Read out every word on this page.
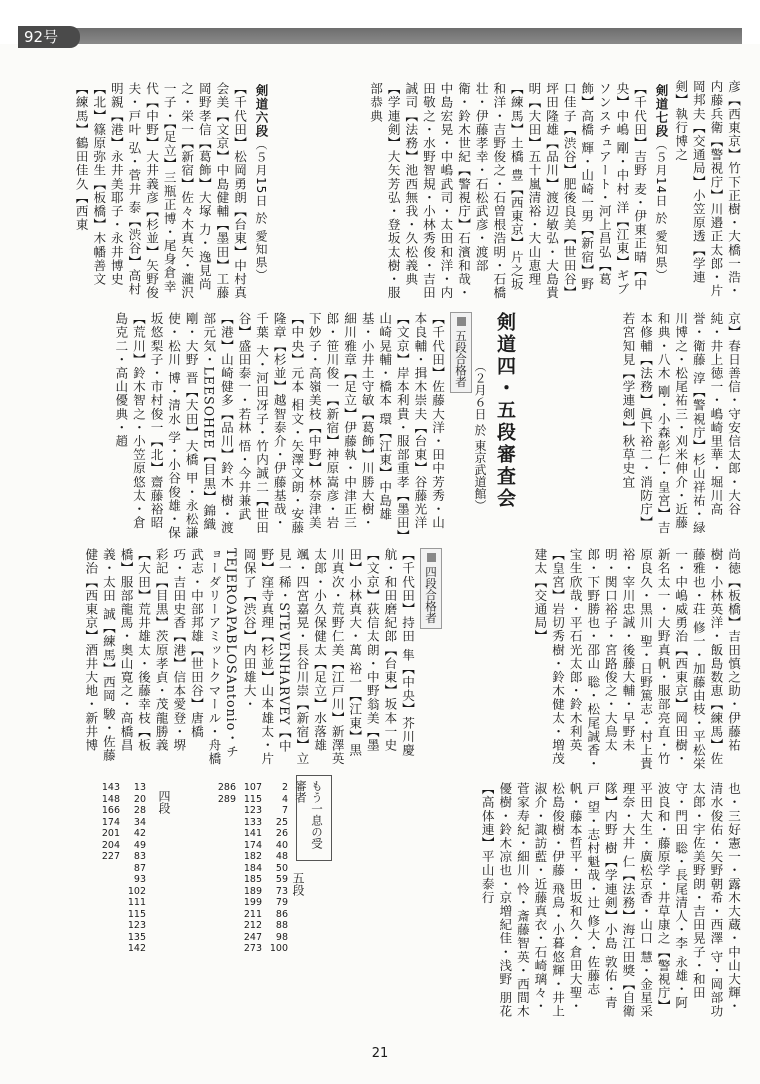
92号
彦【西東京】竹下正樹・大橋一浩・内藤兵衛【警視庁】川邉正太郎・片岡邦夫【交通局】小笠原透【学連剣】執行博之
剣道七段（５月14日 於 愛知県）
【千代田】吉野 麦・伊東正晴【中央】中嶋 剛・中村 洋【江東】ギブソンスチュアート・河上昌弘【葛飾】高橋 輝・山崎一男【新宿】野口佳子【渋谷】肥後良美【世田谷】坪田隆雄【品川】渡辺敏弘・大島貴明【大田】五十嵐清裕・大山恵理【練馬】土橋 豊【西東京】片之坂和洋・吉野俊之・石曽根浩明・石橋 壮・伊藤孝幸・石松武彦・渡部 衛・鈴木世紀【警視庁】石濱和哉・中島宏晃・中嶋武司・太田和洋・内田敬之・水野智規・小林秀俊・吉田誠司【法務】池西無我・久松義典【学連剣】大矢芳弘・登坂太樹・服部恭典
剣道六段（５月15日 於 愛知県）
【千代田】松岡勇朗【台東】中村真会美【文京】中島健輔【墨田】工藤岡野孝信【葛飾】大塚 力・逸見尚之・栄一【新宿】佐々木真矢・瀧沢一子・【足立】三瓶正博・尾身倉幸代【中野】大井義彦【杉並】矢野俊夫・戸叶 弘・菅井 泰【渋谷】高村明親【港】永井美耶子・永井博史【北】篠原弥生【板橋】木幡善文【練馬】鶴田佳久【西東
剣道四・五段審査会
（２月６日 於 東京武道館）	京】春日善信・守安信太郎・大谷純・井上徳一・嶋崎里華・堀川高誉・衛藤 淳【警視庁】杉山祥祐・緑川博之・松尾祐三・刈米伸介・近藤和典・八木 剛・小森彰仁・皇宮】吉本修輔【法務】眞下裕二・消防庁】若宮知見【学連剣】秋草史宜
五段合格者
【千代田】佐藤大洋・田中芳秀・山本良輔・揖木崇夫【台東】谷藤光洋【文京】岸本利貴・服部重孝【墨田】山崎晃輔・橋本 環【江東】中島雄基・小井土守敏【葛飾】川勝大樹・細川雅章【足立】伊藤執・中津正三郎・笹川俊一【新宿】神原嵩彦・岩下妙子・高嶺美枝【中野】林奈津美【中央】元本 相文・矢澤文朗・安藤隆章【杉並】越智泰介・伊藤基哉・千葉 大・河田冴子・竹内誠二【世田谷】盛田泰一・若林 悟・今井兼武【港】山崎健多【品川】鈴木 樹・渡部元気・LEESOHEE【目黒】錦織 剛・大野 晋【大田】大橋 甲・永松謙使・松川 博・清水 学・小谷俊雄・保坂悠梨子・市村俊一【北】齋藤裕昭【荒川】鈴木智之・小笠原悠太・倉島克二・高山優典・趙
尚徳【板橋】吉田慎之助・伊藤祐樹・小林英洋・飯島数恵【練馬】佐藤雅也・荘 修一・加藤由枝・平松栄一・中嶋威勇治【西東京】岡田樹・新名太一・大野真帆・服部亮直・竹原良久・黒川 聖・日野篤志・村上貴裕・宰川忠誠・後藤大輔・早野未明・関口裕子・宮路俊之・大鳥太郎・下野勝也・邵山 聡・松尾誠香・宝生欣哉・平石光太郎・鈴木利英【皇宮】岩切秀樹・鈴木健太・増茂建太【交通局】
四段合格者
【千代田】持田 隼【中央】芥川慶航・和田磨紀郎【台東】坂本一史【文京】荻信太朗・中野翁美【墨田】小林真大・萬 裕一【江東】黒川真次・荒野仁美【江戸川】新澤英太郎・小久保健太【足立】水落雄颯・四宮嘉晃・長谷川崇【新宿】立見一稀・STEVENHARVEY【中野】窪寺真理【杉並】山本雄太・片岡保了【渋谷】内田雄大・TEJEROAPABLOSAntonio・チョーダリーアミットクマール・舟橋武志・中部邦雄【世田谷】唐橋 巧・吉田史香【港】信本愛登・堺 彩記【目黒】茨原孝貞・茂龍勝義【大田】荒井雄太・後藤幸枝【板橋】服部龍馬・奥山寛之・高橋昌義・太田 誠【練馬】西岡 駿・佐藤健治【西東京】酒井大地・新井博
也・三好憲一・露木大蔵・中山大輝・清水俊佑・矢野朝希・西澤 守・岡部功太郎・宇佐美野朗・吉田晃子・和田 守・門田 聡・長尾清人・李 永雄・阿波良和・藤原学・井草康之【警視庁】平田大生・廣松京香・山口 慧・金星采理奈・大井 仁【法務】海江田獎【自衛隊】内野 樹【学連剣】小島 敦佑・青戸 望・志村魁哉・辻 修大・佐藤志帆・藤本哲平・田坂和久・倉田大聖・松島俊樹・伊藤 飛鳥・小暮悠輝・井上淑介・諏訪藍・近藤真衣・石崎璃々・菅家寿紀・細川 怜・斎藤智英・西間木優樹・鈴木凉也・京増紀佳・浅野 朋花【高体連】平山泰行
もう一息の受審者
五段
四段
2
4
7
25
26
40
48
50
59
73
79
86
88
98
100
107
115
123
133
141
174
182
184
185
189
199
211
212
247
273
286
289
13
20
28
34
42
49
83
87
93
102
111
115
123
135
142
143
148
166
174
201
204
227
21
